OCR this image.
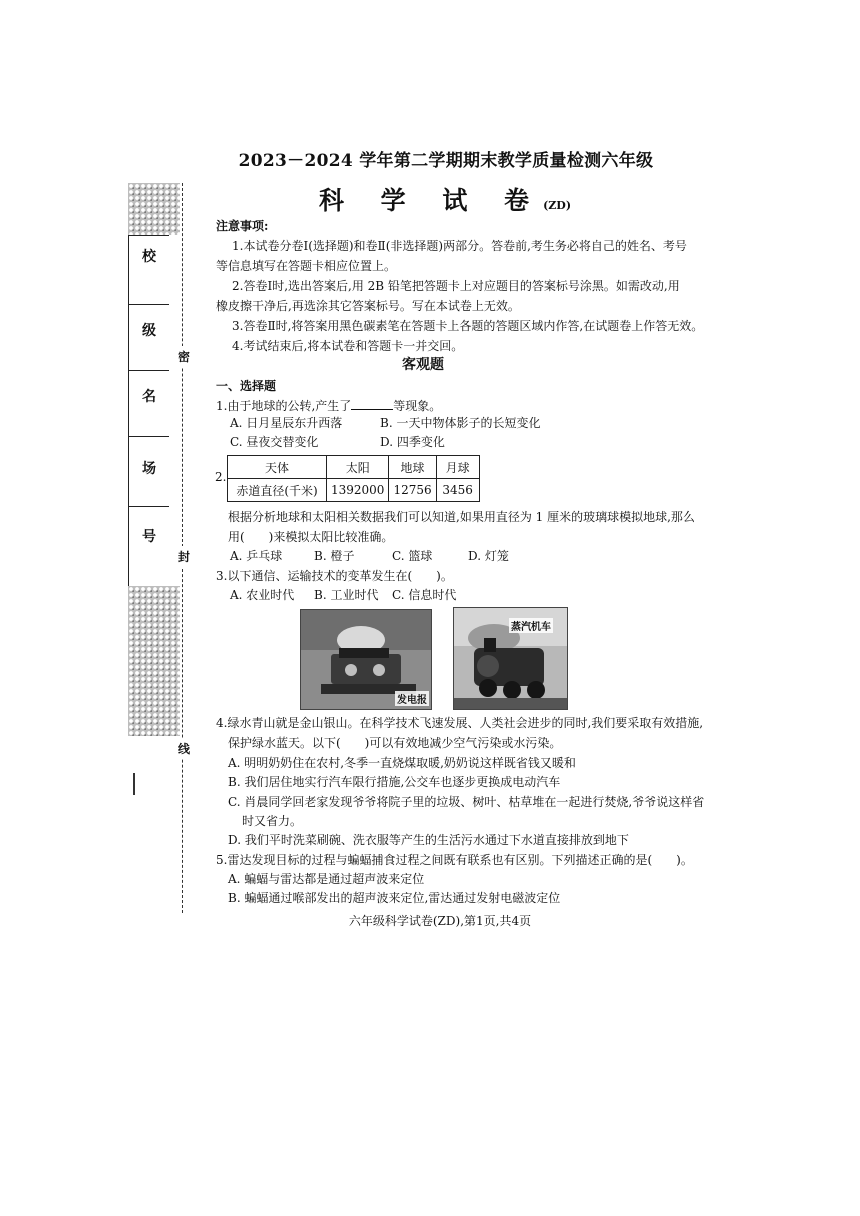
校
级
名
场
号
密
封
线
2023－2024 学年第二学期期末教学质量检测六年级
科 学 试 卷(ZD)
注意事项:
1.本试卷分卷Ⅰ(选择题)和卷Ⅱ(非选择题)两部分。答卷前,考生务必将自己的姓名、考号
等信息填写在答题卡相应位置上。
2.答卷Ⅰ时,选出答案后,用 2B 铅笔把答题卡上对应题目的答案标号涂黑。如需改动,用
橡皮擦干净后,再选涂其它答案标号。写在本试卷上无效。
3.答卷Ⅱ时,将答案用黑色碳素笔在答题卡上各题的答题区域内作答,在试题卷上作答无效。
4.考试结束后,将本试卷和答题卡一并交回。
客观题
一、选择题
1.由于地球的公转,产生了	等现象。
A. 日月星辰东升西落	B. 一天中物体影子的长短变化
C. 昼夜交替变化	D. 四季变化
2.
天体	太阳	地球	月球
赤道直径(千米)	1392000	12756	3456
根据分析地球和太阳相关数据我们可以知道,如果用直径为 1 厘米的玻璃球模拟地球,那么
用(　　)来模拟太阳比较准确。
A. 乒乓球	B. 橙子	C. 篮球	D. 灯笼
3.以下通信、运输技术的变革发生在(　　)。
A. 农业时代 B. 工业时代 C. 信息时代
发电报
蒸汽机车
4.绿水青山就是金山银山。在科学技术飞速发展、人类社会进步的同时,我们要采取有效措施,
保护绿水蓝天。以下(　　)可以有效地减少空气污染或水污染。
A. 明明奶奶住在农村,冬季一直烧煤取暖,奶奶说这样既省钱又暖和
B. 我们居住地实行汽车限行措施,公交车也逐步更换成电动汽车
C. 肖晨同学回老家发现爷爷将院子里的垃圾、树叶、枯草堆在一起进行焚烧,爷爷说这样省
时又省力。
D. 我们平时洗菜刷碗、洗衣服等产生的生活污水通过下水道直接排放到地下
5.雷达发现目标的过程与蝙蝠捕食过程之间既有联系也有区别。下列描述正确的是(　　)。
A. 蝙蝠与雷达都是通过超声波来定位
B. 蝙蝠通过喉部发出的超声波来定位,雷达通过发射电磁波定位
六年级科学试卷(ZD),第1页,共4页
